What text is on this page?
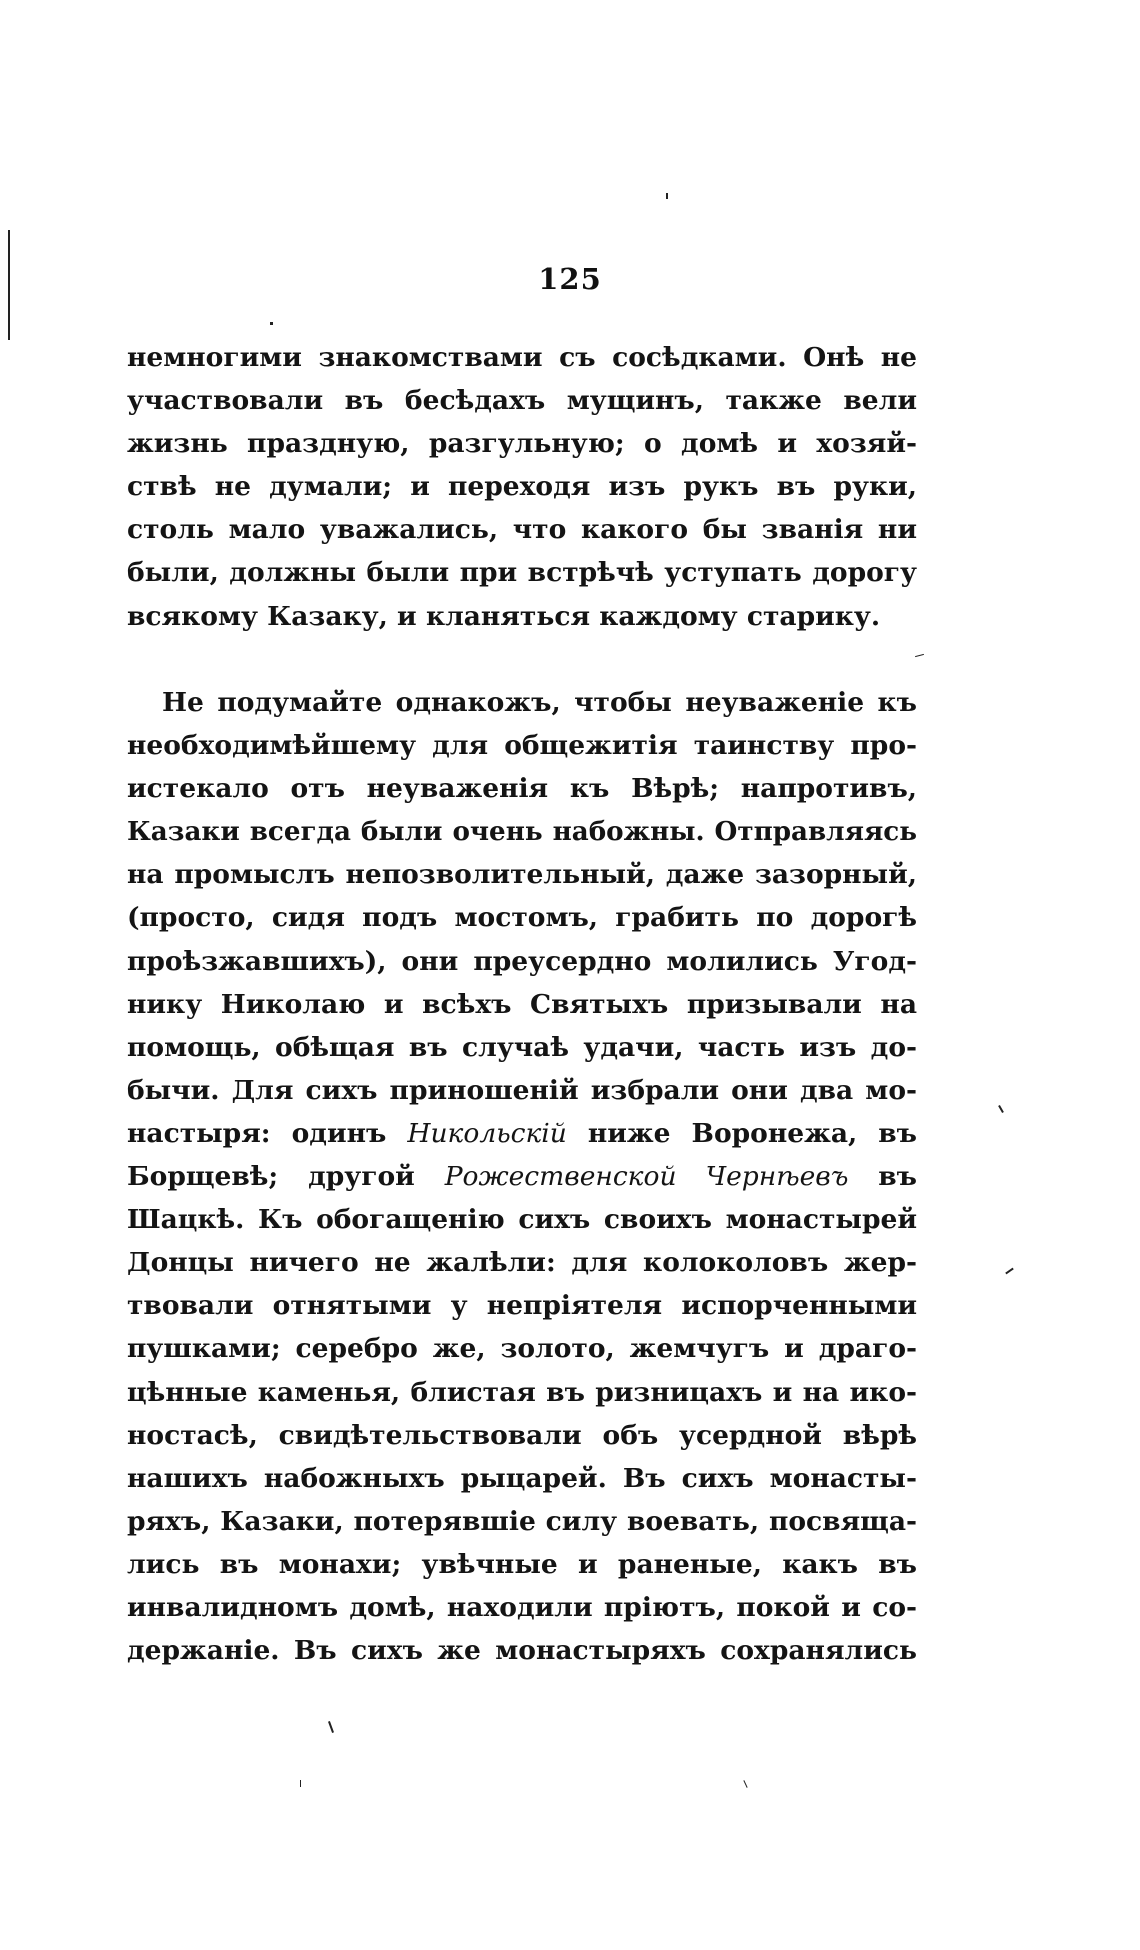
125
немногими знакомствами съ сосѣдками. Онѣ не
участвовали въ бесѣдахъ мущинъ, также вели
жизнь праздную, разгульную; о домѣ и хозяй-
ствѣ не думали; и переходя изъ рукъ въ руки,
столь мало уважались, что какого бы званія ни
были, должны были при встрѣчѣ уступать дорогу
всякому Казаку, и кланяться каждому старику.
Не подумайте однакожъ, чтобы неуваженіе къ
необходимѣйшему для общежитія таинству про-
истекало отъ неуваженія къ Вѣрѣ; напротивъ,
Казаки всегда были очень набожны. Отправляясь
на промыслъ непозволительный, даже зазорный,
(просто, сидя подъ мостомъ, грабить по дорогѣ
проѣзжавшихъ), они преусердно молились Угод-
нику Николаю и всѣхъ Святыхъ призывали на
помощь, обѣщая въ случаѣ удачи, часть изъ до-
бычи. Для сихъ приношеній избрали они два мо-
настыря: одинъ Никольскій ниже Воронежа, въ
Борщевѣ; другой Рожественской Чернѣевъ въ
Шацкѣ. Къ обогащенію сихъ своихъ монастырей
Донцы ничего не жалѣли: для колоколовъ жер-
твовали отнятыми у непріятеля испорченными
пушками; серебро же, золото, жемчугъ и драго-
цѣнные каменья, блистая въ ризницахъ и на ико-
ностасѣ, свидѣтельствовали объ усердной вѣрѣ
нашихъ набожныхъ рыцарей. Въ сихъ монасты-
ряхъ, Казаки, потерявшіе силу воевать, посвяща-
лись въ монахи; увѣчные и раненые, какъ въ
инвалидномъ домѣ, находили пріютъ, покой и со-
держаніе. Въ сихъ же монастыряхъ сохранялись
